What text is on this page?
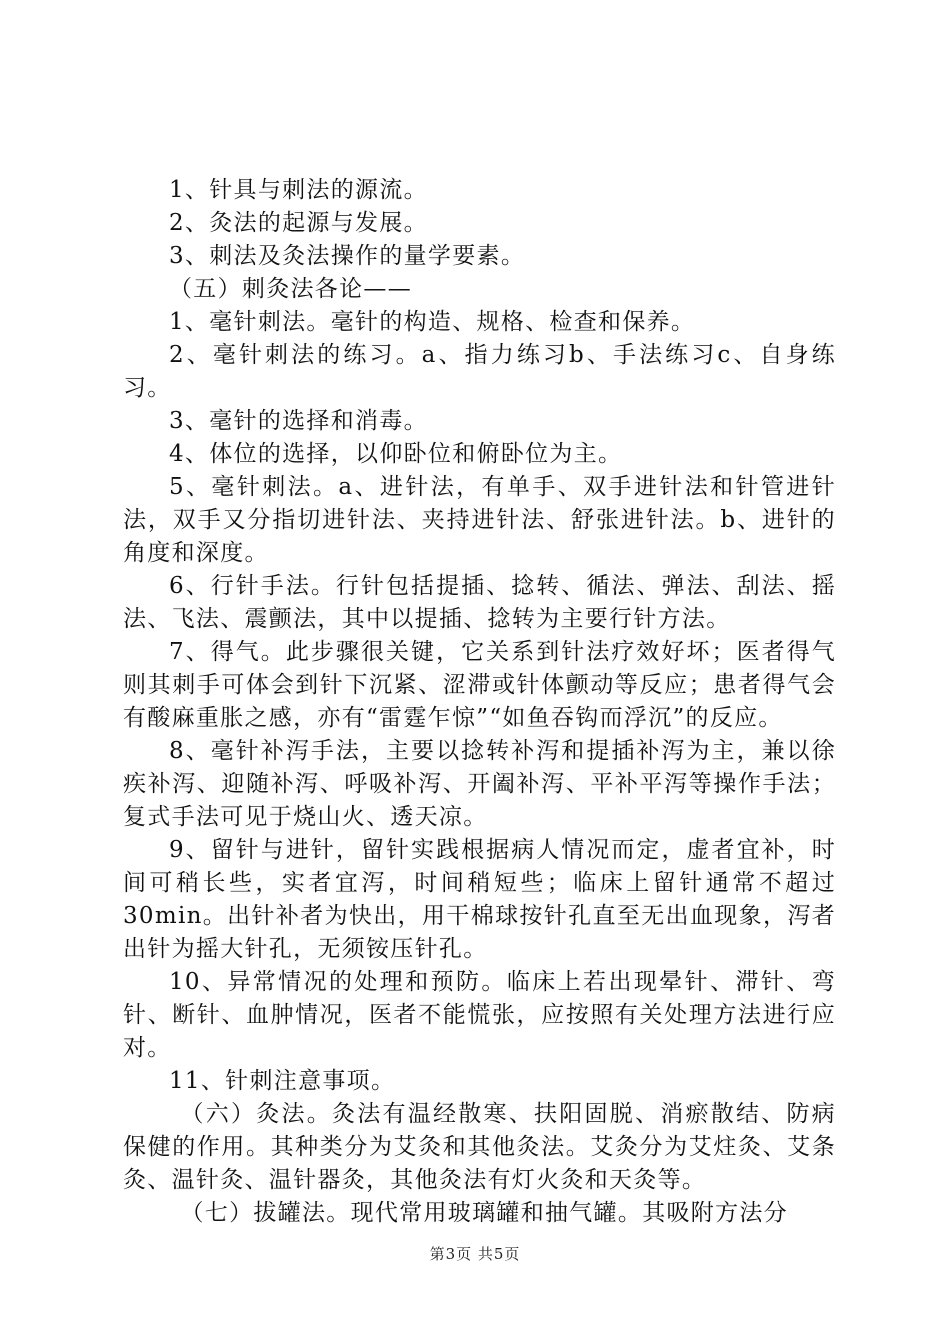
1、针具与刺法的源流。

2、灸法的起源与发展。

3、刺法及灸法操作的量学要素。

（五）刺灸法各论——

1、毫针刺法。毫针的构造、规格、检查和保养。

2、毫针刺法的练习。a、指力练习b、手法练习c、自身练习。

3、毫针的选择和消毒。

4、体位的选择，以仰卧位和俯卧位为主。

5、毫针刺法。a、进针法，有单手、双手进针法和针管进针法，双手又分指切进针法、夹持进针法、舒张进针法。b、进针的角度和深度。

6、行针手法。行针包括提插、捻转、循法、弹法、刮法、摇法、飞法、震颤法，其中以提插、捻转为主要行针方法。

7、得气。此步骤很关键，它关系到针法疗效好坏；医者得气则其刺手可体会到针下沉紧、涩滞或针体颤动等反应；患者得气会有酸麻重胀之感，亦有“雷霆乍惊”“如鱼吞钩而浮沉”的反应。

8、毫针补泻手法，主要以捻转补泻和提插补泻为主，兼以徐疾补泻、迎随补泻、呼吸补泻、开阖补泻、平补平泻等操作手法；复式手法可见于烧山火、透天凉。

9、留针与进针，留针实践根据病人情况而定，虚者宜补，时间可稍长些，实者宜泻，时间稍短些；临床上留针通常不超过30min。出针补者为快出，用干棉球按针孔直至无出血现象，泻者出针为摇大针孔，无须铵压针孔。

10、异常情况的处理和预防。临床上若出现晕针、滞针、弯针、断针、血肿情况，医者不能慌张，应按照有关处理方法进行应对。

11、针刺注意事项。

（六）灸法。灸法有温经散寒、扶阳固脱、消瘀散结、防病保健的作用。其种类分为艾灸和其他灸法。艾灸分为艾炷灸、艾条灸、温针灸、温针器灸，其他灸法有灯火灸和天灸等。

（七）拔罐法。现代常用玻璃罐和抽气罐。其吸附方法分

第3页 共5页
